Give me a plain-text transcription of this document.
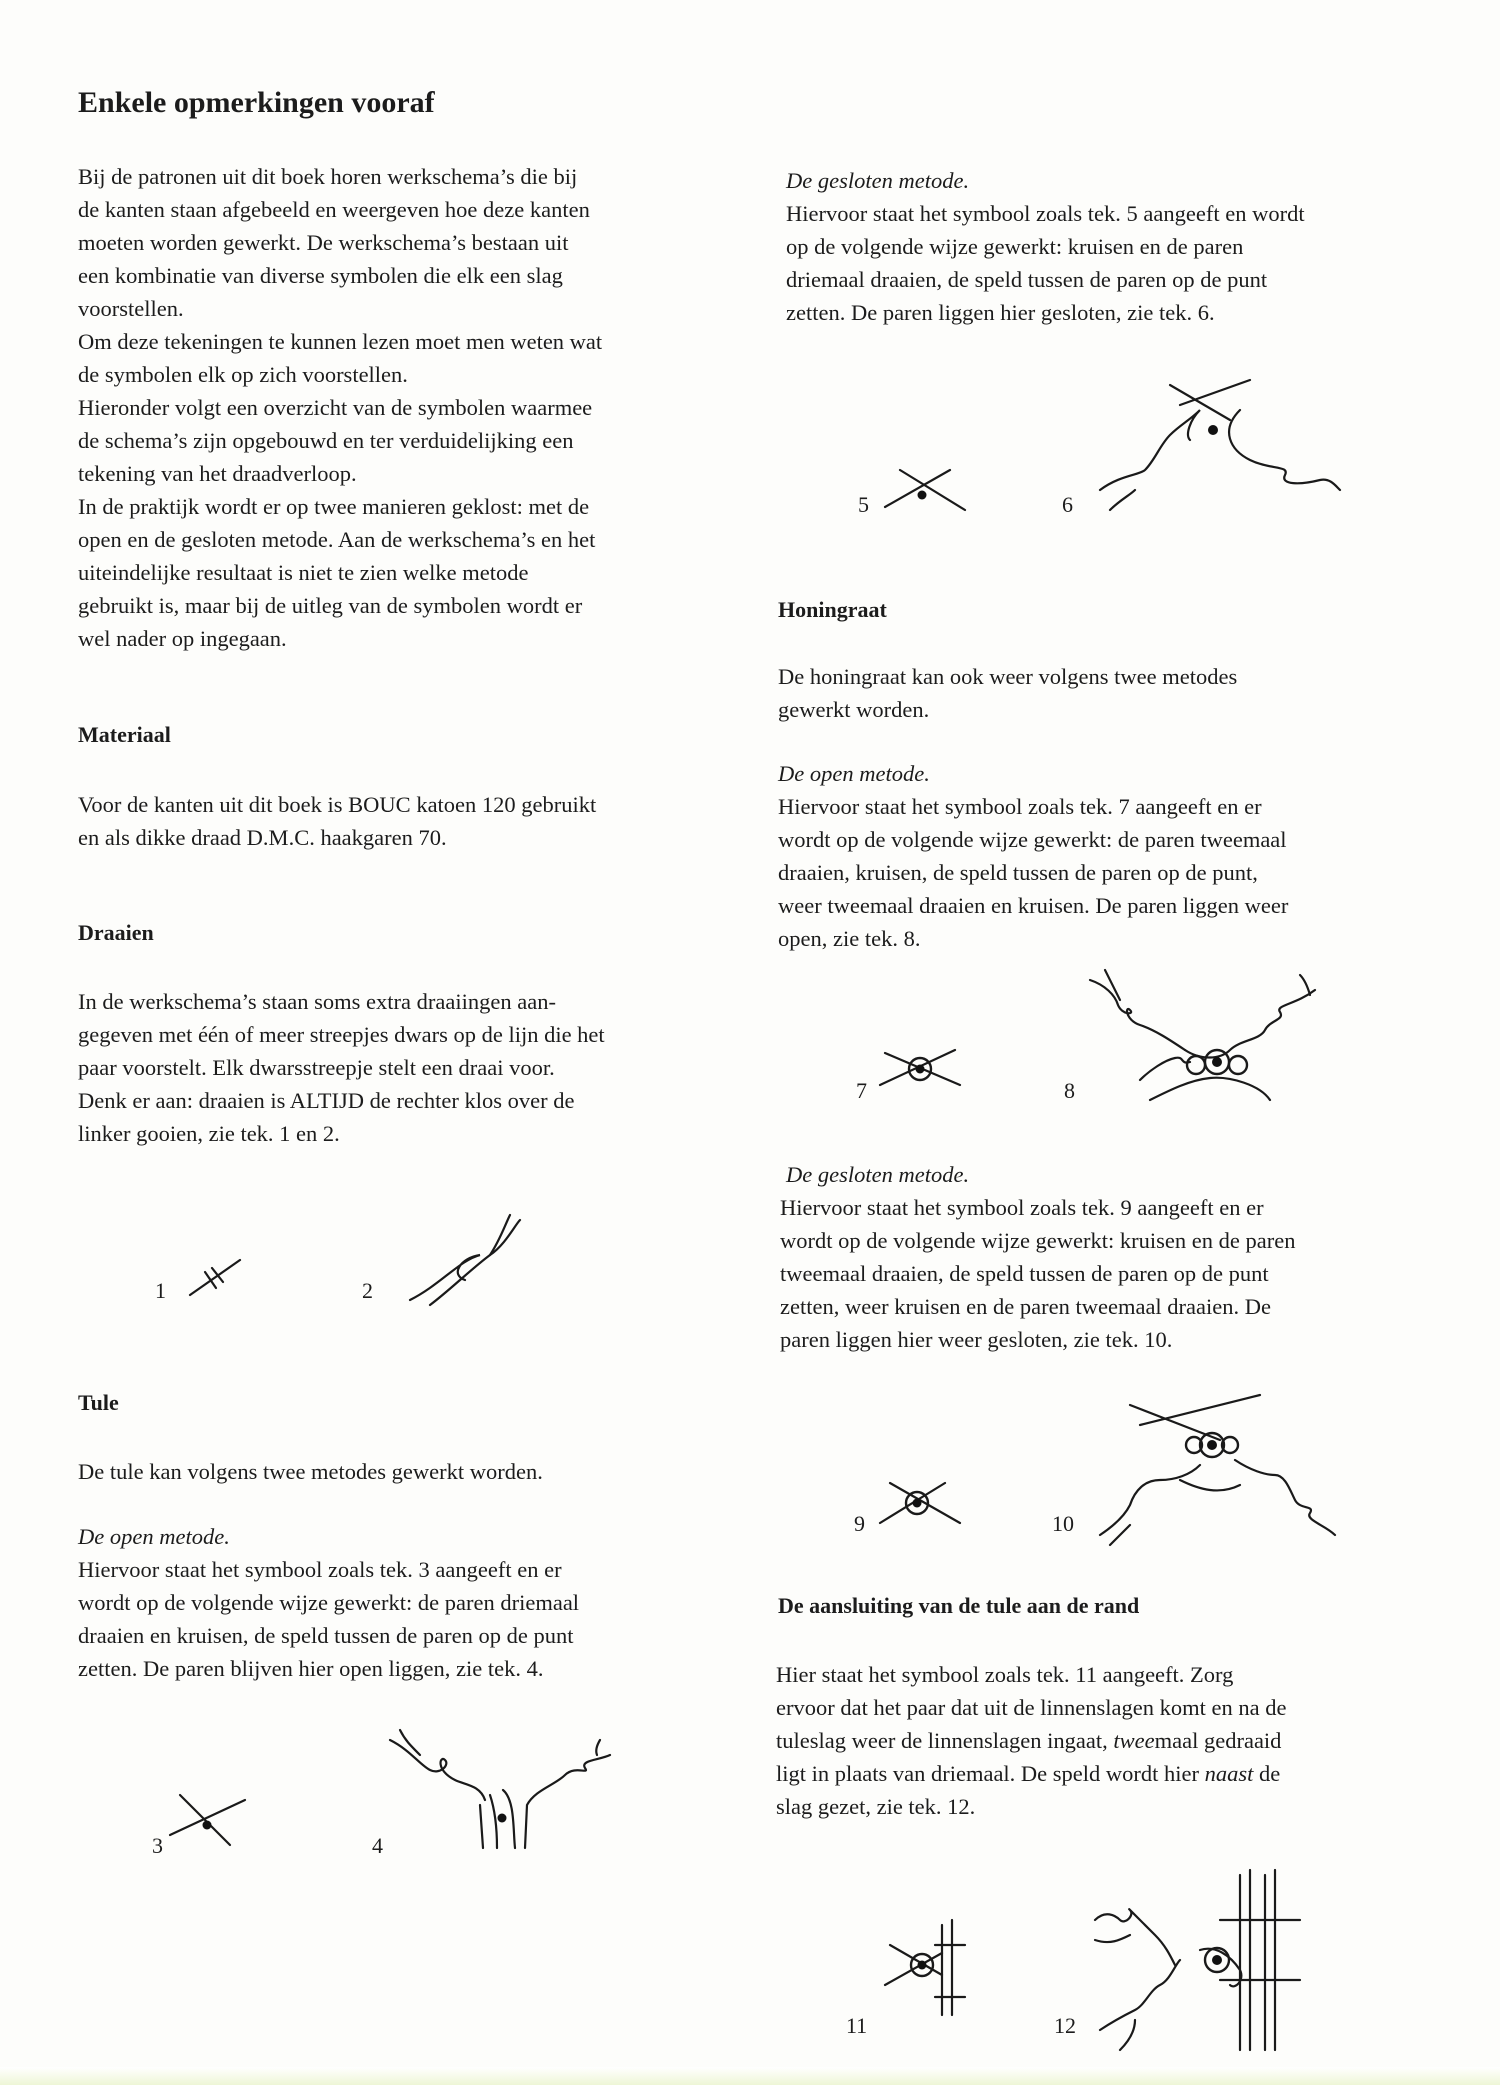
Enkele opmerkingen vooraf

Bij de patronen uit dit boek horen werkschema’s die bij
de kanten staan afgebeeld en weergeven hoe deze kanten
moeten worden gewerkt. De werkschema’s bestaan uit
een kombinatie van diverse symbolen die elk een slag
voorstellen.

Om deze tekeningen te kunnen lezen moet men weten wat
de symbolen elk op zich voorstellen.

Hieronder volgt een overzicht van de symbolen waarmee
de schema’s zijn opgebouwd en ter verduidelijking een
tekening van het draadverloop.

In de praktijk wordt er op twee manieren geklost: met de
open en de gesloten metode. Aan de werkschema’s en het
uiteindelijke resultaat is niet te zien welke metode
gebruikt is, maar bij de uitleg van de symbolen wordt er
wel nader op ingegaan.

Materiaal

Voor de kanten uit dit boek is BOUC katoen 120 gebruikt
en als dikke draad D.M.C. haakgaren 70.

Draaien

In de werkschema’s staan soms extra draaiingen aan-
gegeven met één of meer streepjes dwars op de lijn die het
paar voorstelt. Elk dwarsstreepje stelt een draai voor.
Denk er aan: draaien is ALTIJD de rechter klos over de
linker gooien, zie tek. 1 en 2.

1	2
Tule

De tule kan volgens twee metodes gewerkt worden.

De open metode.

Hiervoor staat het symbool zoals tek. 3 aangeeft en er
wordt op de volgende wijze gewerkt: de paren driemaal
draaien en kruisen, de speld tussen de paren op de punt
zetten. De paren blijven hier open liggen, zie tek. 4.

3	4

De gesloten metode.

Hiervoor staat het symbool zoals tek. 5 aangeeft en wordt
op de volgende wijze gewerkt: kruisen en de paren
driemaal draaien, de speld tussen de paren op de punt
zetten. De paren liggen hier gesloten, zie tek. 6.

5	6
Honingraat

De honingraat kan ook weer volgens twee metodes
gewerkt worden.

De open metode.

Hiervoor staat het symbool zoals tek. 7 aangeeft en er
wordt op de volgende wijze gewerkt: de paren tweemaal
draaien, kruisen, de speld tussen de paren op de punt,
weer tweemaal draaien en kruisen. De paren liggen weer
open, zie tek. 8.

7	8

De gesloten metode.

Hiervoor staat het symbool zoals tek. 9 aangeeft en er
wordt op de volgende wijze gewerkt: kruisen en de paren
tweemaal draaien, de speld tussen de paren op de punt
zetten, weer kruisen en de paren tweemaal draaien. De
paren liggen hier weer gesloten, zie tek. 10.

9	10
De aansluiting van de tule aan de rand

Hier staat het symbool zoals tek. 11 aangeeft. Zorg
ervoor dat het paar dat uit de linnenslagen komt en na de
tuleslag weer de linnenslagen ingaat, tweemaal gedraaid
ligt in plaats van driemaal. De speld wordt hier naast de
slag gezet, zie tek. 12.

11	12
